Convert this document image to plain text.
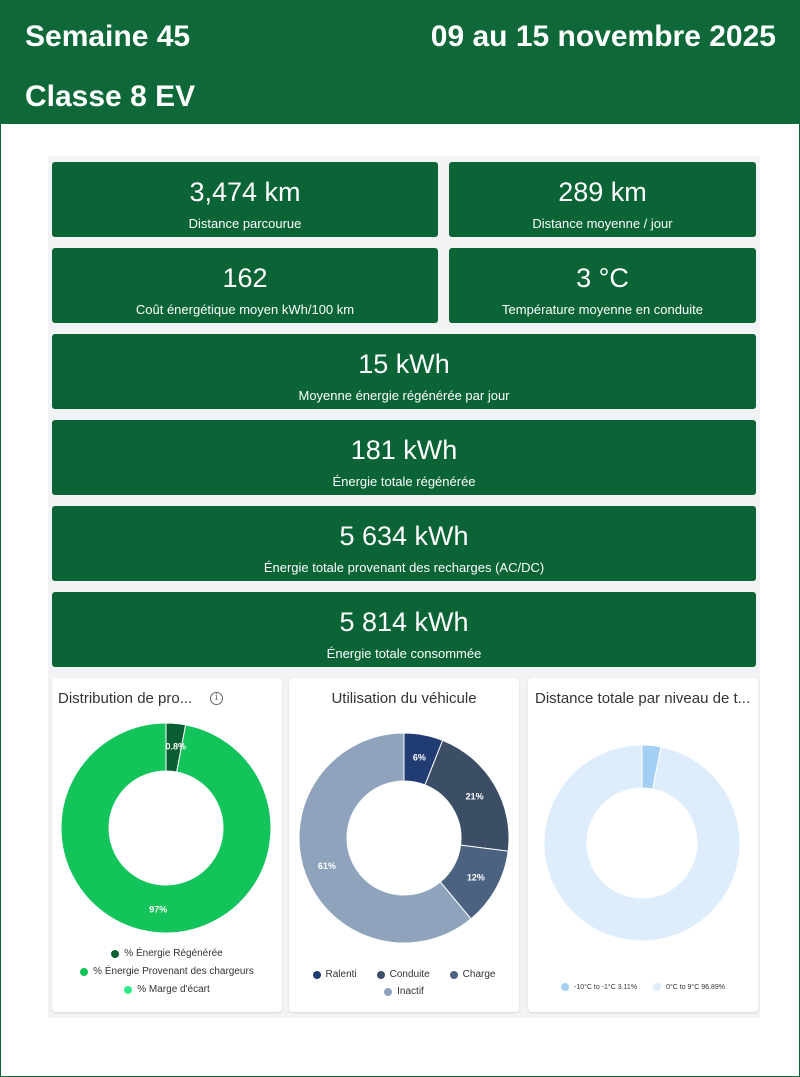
Semaine 45	09 au 15 novembre 2025
Classe 8 EV
3,474 km
Distance parcourue
289 km
Distance moyenne / jour
162
Coût énergétique moyen kWh/100 km
3 °C
Température moyenne en conduite
15 kWh
Moyenne énergie régénérée par jour
181 kWh
Énergie totale régénérée
5 634 kWh
Énergie totale provenant des recharges (AC/DC)
5 814 kWh
Énergie totale consommée
Distribution de pro...	i
97%
0.8%
% Énergie Régénérée
% Énergie Provenant des chargeurs
% Marge d'écart
Utilisation du véhicule
6%
21%
12%
61%
Ralenti	Conduite	Charge
Inactif
Distance totale par niveau de t...
-10°C to -1°C 3.11%	0°C to 9°C 96.89%
